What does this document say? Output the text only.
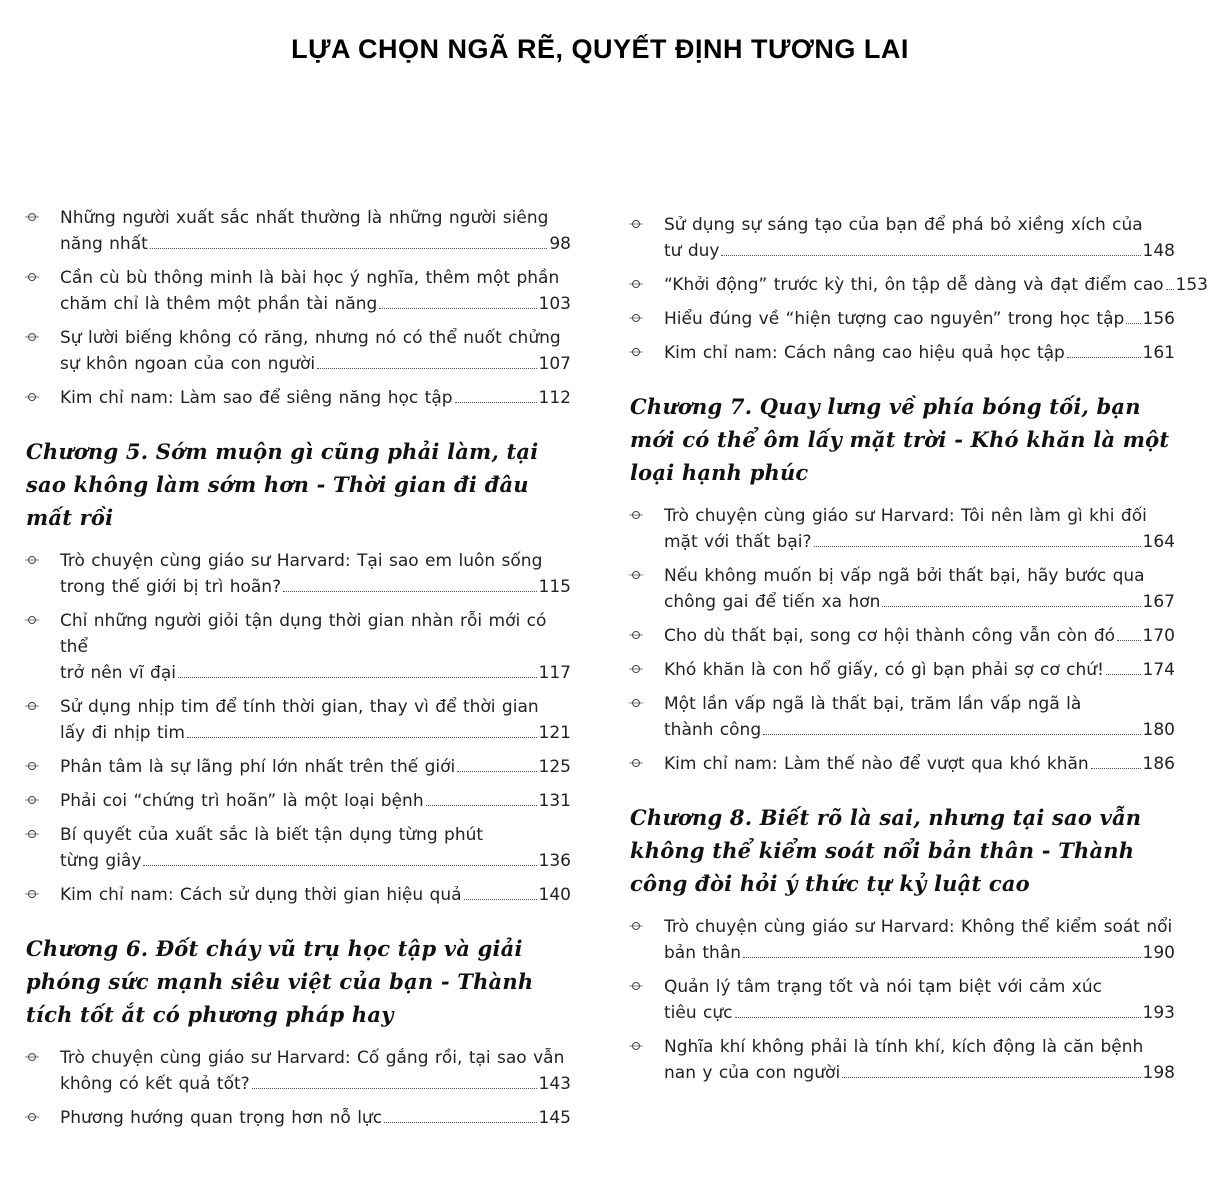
LỰA CHỌN NGÃ RẼ, QUYẾT ĐỊNH TƯƠNG LAI
Những người xuất sắc nhất thường là những người siêng
năng nhất	98
Cần cù bù thông minh là bài học ý nghĩa, thêm một phần
chăm chỉ là thêm một phần tài năng	103
Sự lười biếng không có răng, nhưng nó có thể nuốt chửng
sự khôn ngoan của con người	107
Kim chỉ nam: Làm sao để siêng năng học tập	112
Chương 5. Sớm muộn gì cũng phải làm, tại sao không làm sớm hơn - Thời gian đi đâu mất rồi
Trò chuyện cùng giáo sư Harvard: Tại sao em luôn sống
trong thế giới bị trì hoãn?	115
Chỉ những người giỏi tận dụng thời gian nhàn rỗi mới có thể
trở nên vĩ đại	117
Sử dụng nhịp tim để tính thời gian, thay vì để thời gian
lấy đi nhịp tim	121
Phân tâm là sự lãng phí lớn nhất trên thế giới	125
Phải coi “chứng trì hoãn” là một loại bệnh	131
Bí quyết của xuất sắc là biết tận dụng từng phút
từng giây	136
Kim chỉ nam: Cách sử dụng thời gian hiệu quả	140
Chương 6. Đốt cháy vũ trụ học tập và giải phóng sức mạnh siêu việt của bạn - Thành tích tốt ắt có phương pháp hay
Trò chuyện cùng giáo sư Harvard: Cố gắng rồi, tại sao vẫn
không có kết quả tốt?	143
Phương hướng quan trọng hơn nỗ lực	145
Sử dụng sự sáng tạo của bạn để phá bỏ xiềng xích của
tư duy	148
“Khởi động” trước kỳ thi, ôn tập dễ dàng và đạt điểm cao 153
Hiểu đúng về “hiện tượng cao nguyên” trong học tập 156
Kim chỉ nam: Cách nâng cao hiệu quả học tập	161
Chương 7. Quay lưng về phía bóng tối, bạn mới có thể ôm lấy mặt trời - Khó khăn là một loại hạnh phúc
Trò chuyện cùng giáo sư Harvard: Tôi nên làm gì khi đối
mặt với thất bại?	164
Nếu không muốn bị vấp ngã bởi thất bại, hãy bước qua
chông gai để tiến xa hơn	167
Cho dù thất bại, song cơ hội thành công vẫn còn đó 170
Khó khăn là con hổ giấy, có gì bạn phải sợ cơ chứ! 174
Một lần vấp ngã là thất bại, trăm lần vấp ngã là
thành công	180
Kim chỉ nam: Làm thế nào để vượt qua khó khăn	186
Chương 8. Biết rõ là sai, nhưng tại sao vẫn không thể kiểm soát nổi bản thân - Thành công đòi hỏi ý thức tự kỷ luật cao
Trò chuyện cùng giáo sư Harvard: Không thể kiểm soát nổi
bản thân	190
Quản lý tâm trạng tốt và nói tạm biệt với cảm xúc
tiêu cực	193
Nghĩa khí không phải là tính khí, kích động là căn bệnh
nan y của con người	198
